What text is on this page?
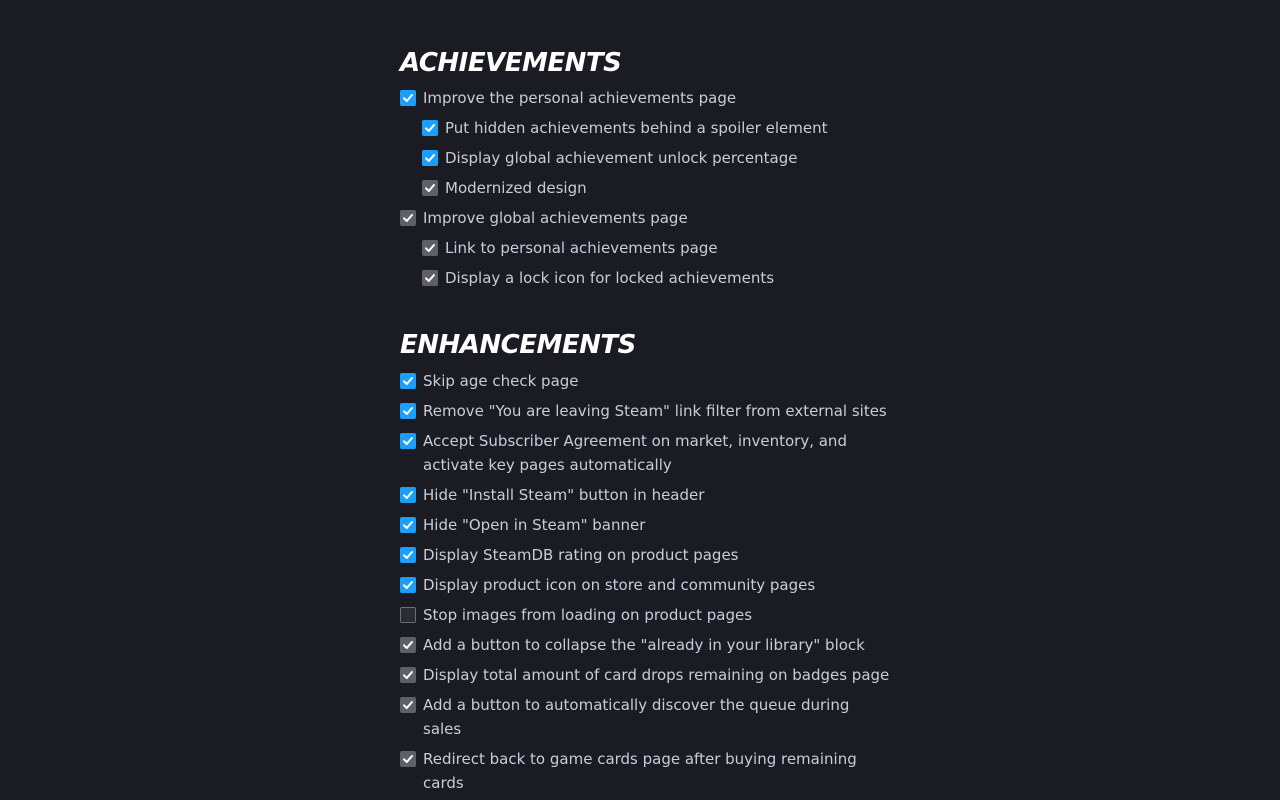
ACHIEVEMENTS
Improve the personal achievements page
Put hidden achievements behind a spoiler element
Display global achievement unlock percentage
Modernized design
Improve global achievements page
Link to personal achievements page
Display a lock icon for locked achievements
ENHANCEMENTS
Skip age check page
Remove "You are leaving Steam" link filter from external sites
Accept Subscriber Agreement on market, inventory, and activate key pages automatically
Hide "Install Steam" button in header
Hide "Open in Steam" banner
Display SteamDB rating on product pages
Display product icon on store and community pages
Stop images from loading on product pages
Add a button to collapse the "already in your library" block
Display total amount of card drops remaining on badges page
Add a button to automatically discover the queue during sales
Redirect back to game cards page after buying remaining cards
